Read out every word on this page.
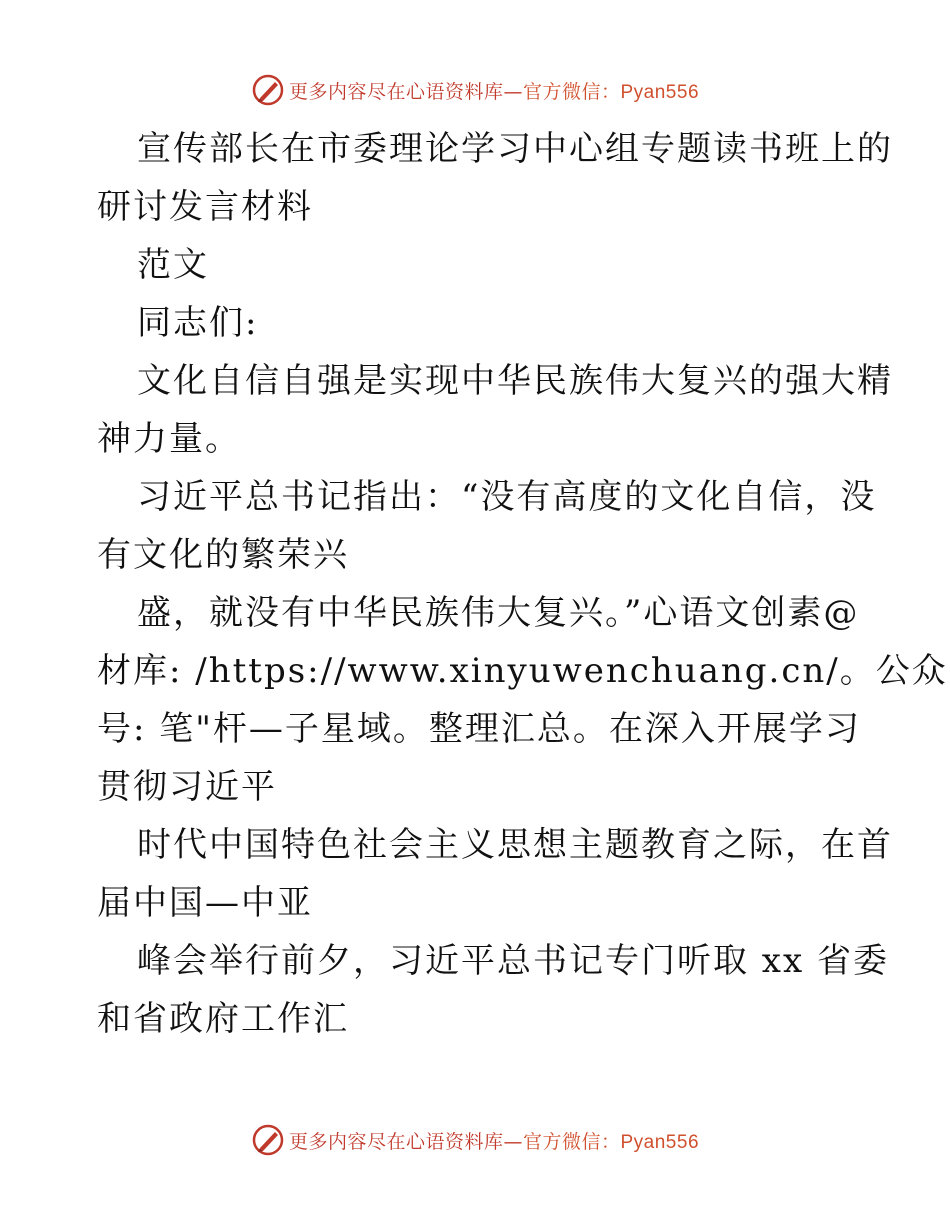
更多内容尽在心语资料库—官方微信：Pyan556
宣传部长在市委理论学习中心组专题读书班上的
研讨发言材料
范文
同志们:
文化自信自强是实现中华民族伟大复兴的强大精
神力量。
习近平总书记指出：“没有高度的文化自信，没
有文化的繁荣兴
盛，就没有中华民族伟大复兴。”心语文创素@
材库: /https://www.xinyuwenchuang.cn/。公众
号: 笔"杆—子星域。整理汇总。在深入开展学习
贯彻习近平
时代中国特色社会主义思想主题教育之际，在首
届中国—中亚
峰会举行前夕，习近平总书记专门听取 xx 省委
和省政府工作汇
更多内容尽在心语资料库—官方微信：Pyan556
